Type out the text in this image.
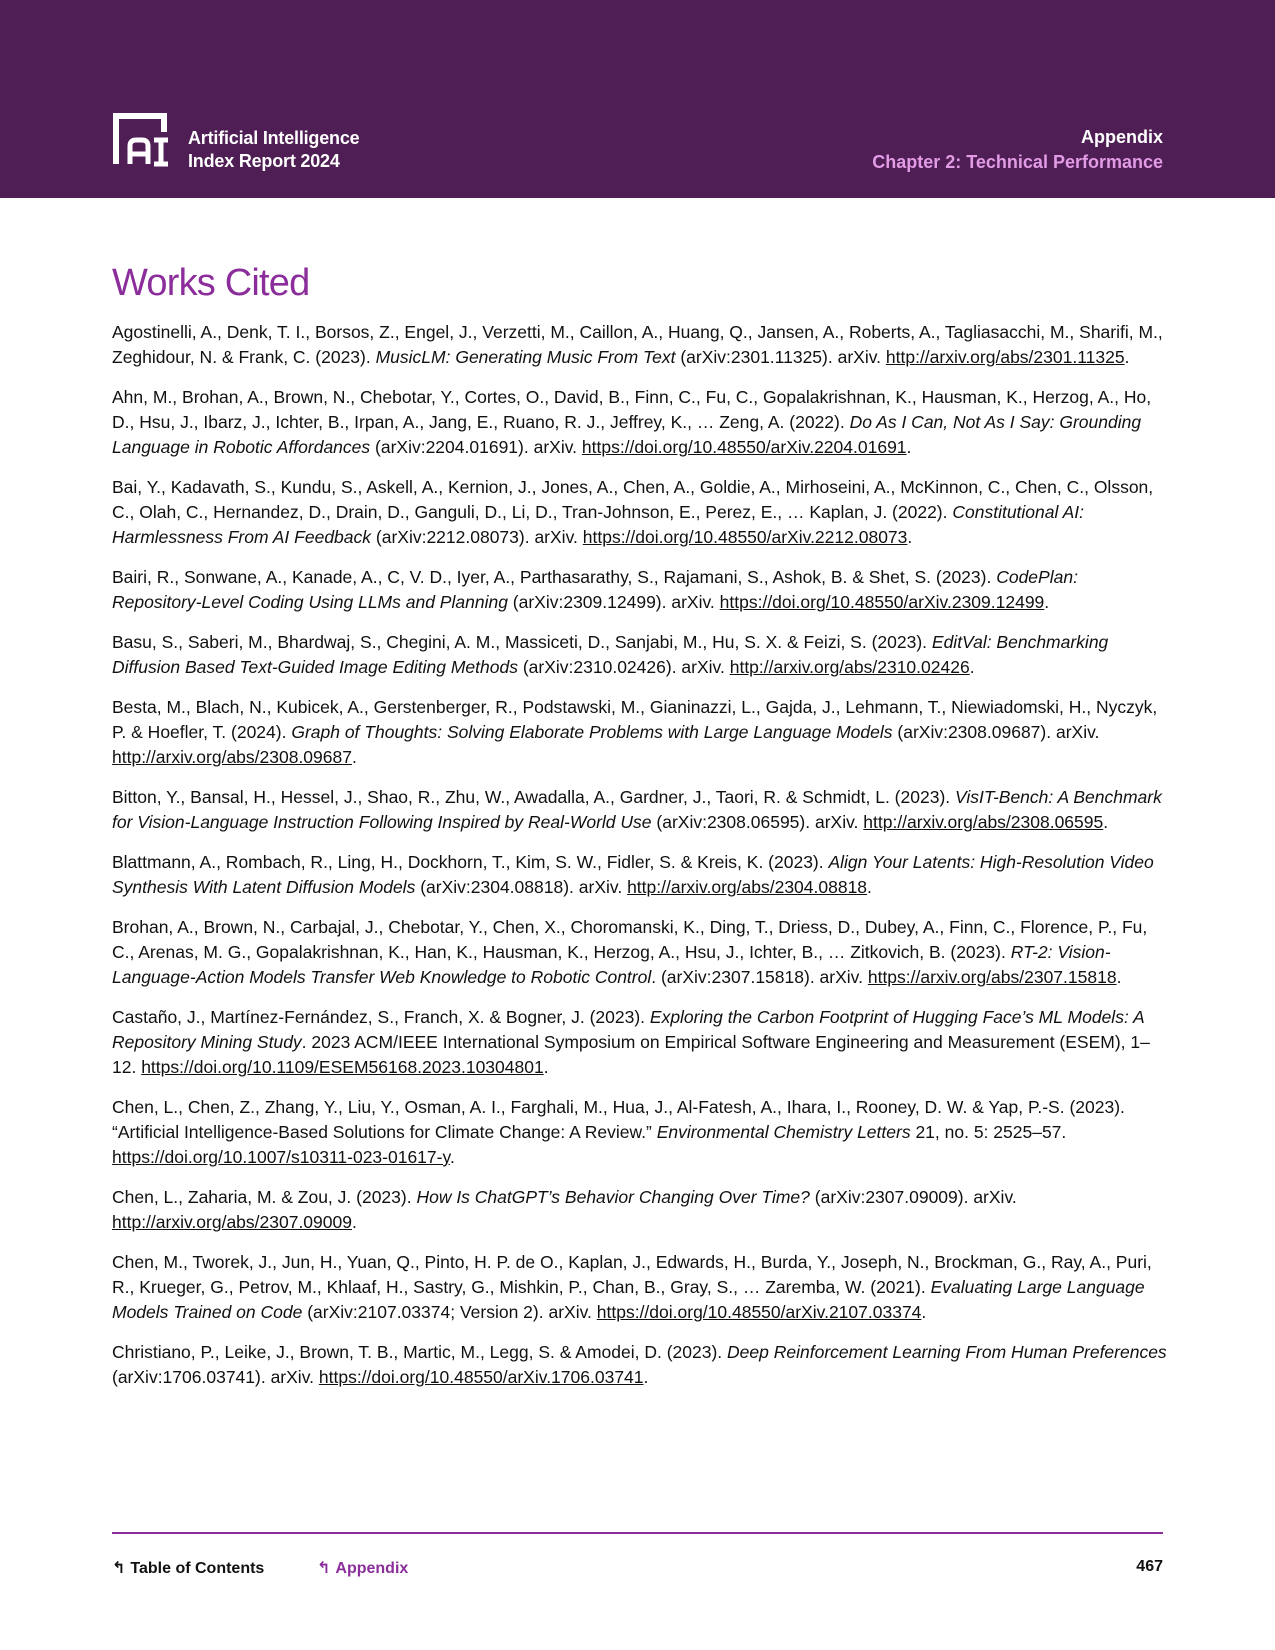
Artificial Intelligence
Index Report 2024
Appendix
Chapter 2: Technical Performance
Works Cited

Agostinelli, A., Denk, T. I., Borsos, Z., Engel, J., Verzetti, M., Caillon, A., Huang, Q., Jansen, A., Roberts, A., Tagliasacchi, M., Sharifi, M., Zeghidour, N. & Frank, C. (2023). MusicLM: Generating Music From Text (arXiv:2301.11325). arXiv. http://arxiv.org/abs/2301.11325.

Ahn, M., Brohan, A., Brown, N., Chebotar, Y., Cortes, O., David, B., Finn, C., Fu, C., Gopalakrishnan, K., Hausman, K., Herzog, A., Ho, D., Hsu, J., Ibarz, J., Ichter, B., Irpan, A., Jang, E., Ruano, R. J., Jeffrey, K., … Zeng, A. (2022). Do As I Can, Not As I Say: Grounding Language in Robotic Affordances (arXiv:2204.01691). arXiv. https://doi.org/10.48550/arXiv.2204.01691.

Bai, Y., Kadavath, S., Kundu, S., Askell, A., Kernion, J., Jones, A., Chen, A., Goldie, A., Mirhoseini, A., McKinnon, C., Chen, C., Olsson, C., Olah, C., Hernandez, D., Drain, D., Ganguli, D., Li, D., Tran-Johnson, E., Perez, E., … Kaplan, J. (2022). Constitutional AI: Harmlessness From AI Feedback (arXiv:2212.08073). arXiv. https://doi.org/10.48550/arXiv.2212.08073.

Bairi, R., Sonwane, A., Kanade, A., C, V. D., Iyer, A., Parthasarathy, S., Rajamani, S., Ashok, B. & Shet, S. (2023). CodePlan: Repository-Level Coding Using LLMs and Planning (arXiv:2309.12499). arXiv. https://doi.org/10.48550/arXiv.2309.12499.

Basu, S., Saberi, M., Bhardwaj, S., Chegini, A. M., Massiceti, D., Sanjabi, M., Hu, S. X. & Feizi, S. (2023). EditVal: Benchmarking Diffusion Based Text-Guided Image Editing Methods (arXiv:2310.02426). arXiv. http://arxiv.org/abs/2310.02426.

Besta, M., Blach, N., Kubicek, A., Gerstenberger, R., Podstawski, M., Gianinazzi, L., Gajda, J., Lehmann, T., Niewiadomski, H., Nyczyk, P. & Hoefler, T. (2024). Graph of Thoughts: Solving Elaborate Problems with Large Language Models (arXiv:2308.09687). arXiv. http://arxiv.org/abs/2308.09687.

Bitton, Y., Bansal, H., Hessel, J., Shao, R., Zhu, W., Awadalla, A., Gardner, J., Taori, R. & Schmidt, L. (2023). VisIT-Bench: A Benchmark for Vision-Language Instruction Following Inspired by Real-World Use (arXiv:2308.06595). arXiv. http://arxiv.org/abs/2308.06595.

Blattmann, A., Rombach, R., Ling, H., Dockhorn, T., Kim, S. W., Fidler, S. & Kreis, K. (2023). Align Your Latents: High-Resolution Video Synthesis With Latent Diffusion Models (arXiv:2304.08818). arXiv. http://arxiv.org/abs/2304.08818.

Brohan, A., Brown, N., Carbajal, J., Chebotar, Y., Chen, X., Choromanski, K., Ding, T., Driess, D., Dubey, A., Finn, C., Florence, P., Fu, C., Arenas, M. G., Gopalakrishnan, K., Han, K., Hausman, K., Herzog, A., Hsu, J., Ichter, B., … Zitkovich, B. (2023). RT-2: Vision-Language-Action Models Transfer Web Knowledge to Robotic Control. (arXiv:2307.15818). arXiv. https://arxiv.org/abs/2307.15818.

Castaño, J., Martínez-Fernández, S., Franch, X. & Bogner, J. (2023). Exploring the Carbon Footprint of Hugging Face’s ML Models: A Repository Mining Study. 2023 ACM/IEEE International Symposium on Empirical Software Engineering and Measurement (ESEM), 1–12. https://doi.org/10.1109/ESEM56168.2023.10304801.

Chen, L., Chen, Z., Zhang, Y., Liu, Y., Osman, A. I., Farghali, M., Hua, J., Al-Fatesh, A., Ihara, I., Rooney, D. W. & Yap, P.-S. (2023). “Artificial Intelligence-Based Solutions for Climate Change: A Review.” Environmental Chemistry Letters 21, no. 5: 2525–57. https://doi.org/10.1007/s10311-023-01617-y.

Chen, L., Zaharia, M. & Zou, J. (2023). How Is ChatGPT’s Behavior Changing Over Time? (arXiv:2307.09009). arXiv. http://arxiv.org/abs/2307.09009.

Chen, M., Tworek, J., Jun, H., Yuan, Q., Pinto, H. P. de O., Kaplan, J., Edwards, H., Burda, Y., Joseph, N., Brockman, G., Ray, A., Puri, R., Krueger, G., Petrov, M., Khlaaf, H., Sastry, G., Mishkin, P., Chan, B., Gray, S., … Zaremba, W. (2021). Evaluating Large Language Models Trained on Code (arXiv:2107.03374; Version 2). arXiv. https://doi.org/10.48550/arXiv.2107.03374.

Christiano, P., Leike, J., Brown, T. B., Martic, M., Legg, S. & Amodei, D. (2023). Deep Reinforcement Learning From Human Preferences (arXiv:1706.03741). arXiv. https://doi.org/10.48550/arXiv.1706.03741.

↰ Table of Contents	↰ Appendix	467
